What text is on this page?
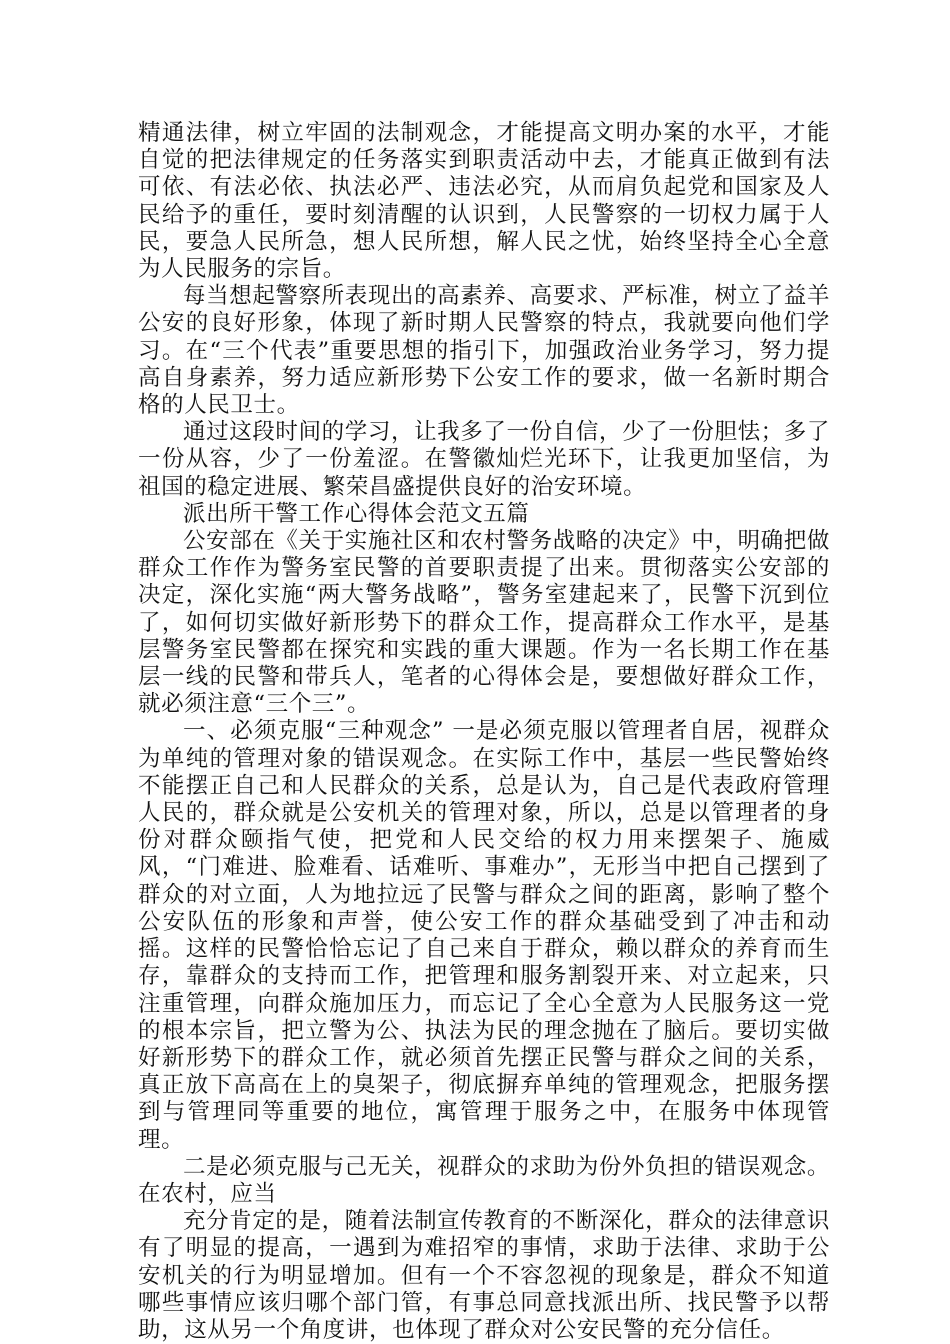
精通法律，树立牢固的法制观念，才能提高文明办案的水平，才能自觉的把法律规定的任务落实到职责活动中去，才能真正做到有法可依、有法必依、执法必严、违法必究，从而肩负起党和国家及人民给予的重任，要时刻清醒的认识到，人民警察的一切权力属于人民，要急人民所急，想人民所想，解人民之忧，始终坚持全心全意为人民服务的宗旨。

每当想起警察所表现出的高素养、高要求、严标准，树立了益羊公安的良好形象，体现了新时期人民警察的特点，我就要向他们学习。在“三个代表”重要思想的指引下，加强政治业务学习，努力提高自身素养，努力适应新形势下公安工作的要求，做一名新时期合格的人民卫士。

通过这段时间的学习，让我多了一份自信，少了一份胆怯；多了一份从容，少了一份羞涩。在警徽灿烂光环下，让我更加坚信，为祖国的稳定进展、繁荣昌盛提供良好的治安环境。

派出所干警工作心得体会范文五篇

公安部在《关于实施社区和农村警务战略的决定》中，明确把做群众工作作为警务室民警的首要职责提了出来。贯彻落实公安部的决定，深化实施“两大警务战略”，警务室建起来了，民警下沉到位了，如何切实做好新形势下的群众工作，提高群众工作水平，是基层警务室民警都在探究和实践的重大课题。作为一名长期工作在基层一线的民警和带兵人，笔者的心得体会是，要想做好群众工作，就必须注意“三个三”。

一、必须克服“三种观念” 一是必须克服以管理者自居，视群众为单纯的管理对象的错误观念。在实际工作中，基层一些民警始终不能摆正自己和人民群众的关系，总是认为，自己是代表政府管理人民的，群众就是公安机关的管理对象，所以，总是以管理者的身份对群众颐指气使，把党和人民交给的权力用来摆架子、施威风，“门难进、脸难看、话难听、事难办”，无形当中把自己摆到了群众的对立面，人为地拉远了民警与群众之间的距离，影响了整个公安队伍的形象和声誉，使公安工作的群众基础受到了冲击和动摇。这样的民警恰恰忘记了自己来自于群众，赖以群众的养育而生存，靠群众的支持而工作，把管理和服务割裂开来、对立起来，只注重管理，向群众施加压力，而忘记了全心全意为人民服务这一党的根本宗旨，把立警为公、执法为民的理念抛在了脑后。要切实做好新形势下的群众工作，就必须首先摆正民警与群众之间的关系，真正放下高高在上的臭架子，彻底摒弃单纯的管理观念，把服务摆到与管理同等重要的地位，寓管理于服务之中，在服务中体现管理。

二是必须克服与己无关，视群众的求助为份外负担的错误观念。在农村，应当

充分肯定的是，随着法制宣传教育的不断深化，群众的法律意识有了明显的提高，一遇到为难招窄的事情，求助于法律、求助于公安机关的行为明显增加。但有一个不容忽视的现象是，群众不知道哪些事情应该归哪个部门管，有事总同意找派出所、找民警予以帮助，这从另一个角度讲，也体现了群众对公安民警的充分信任。
